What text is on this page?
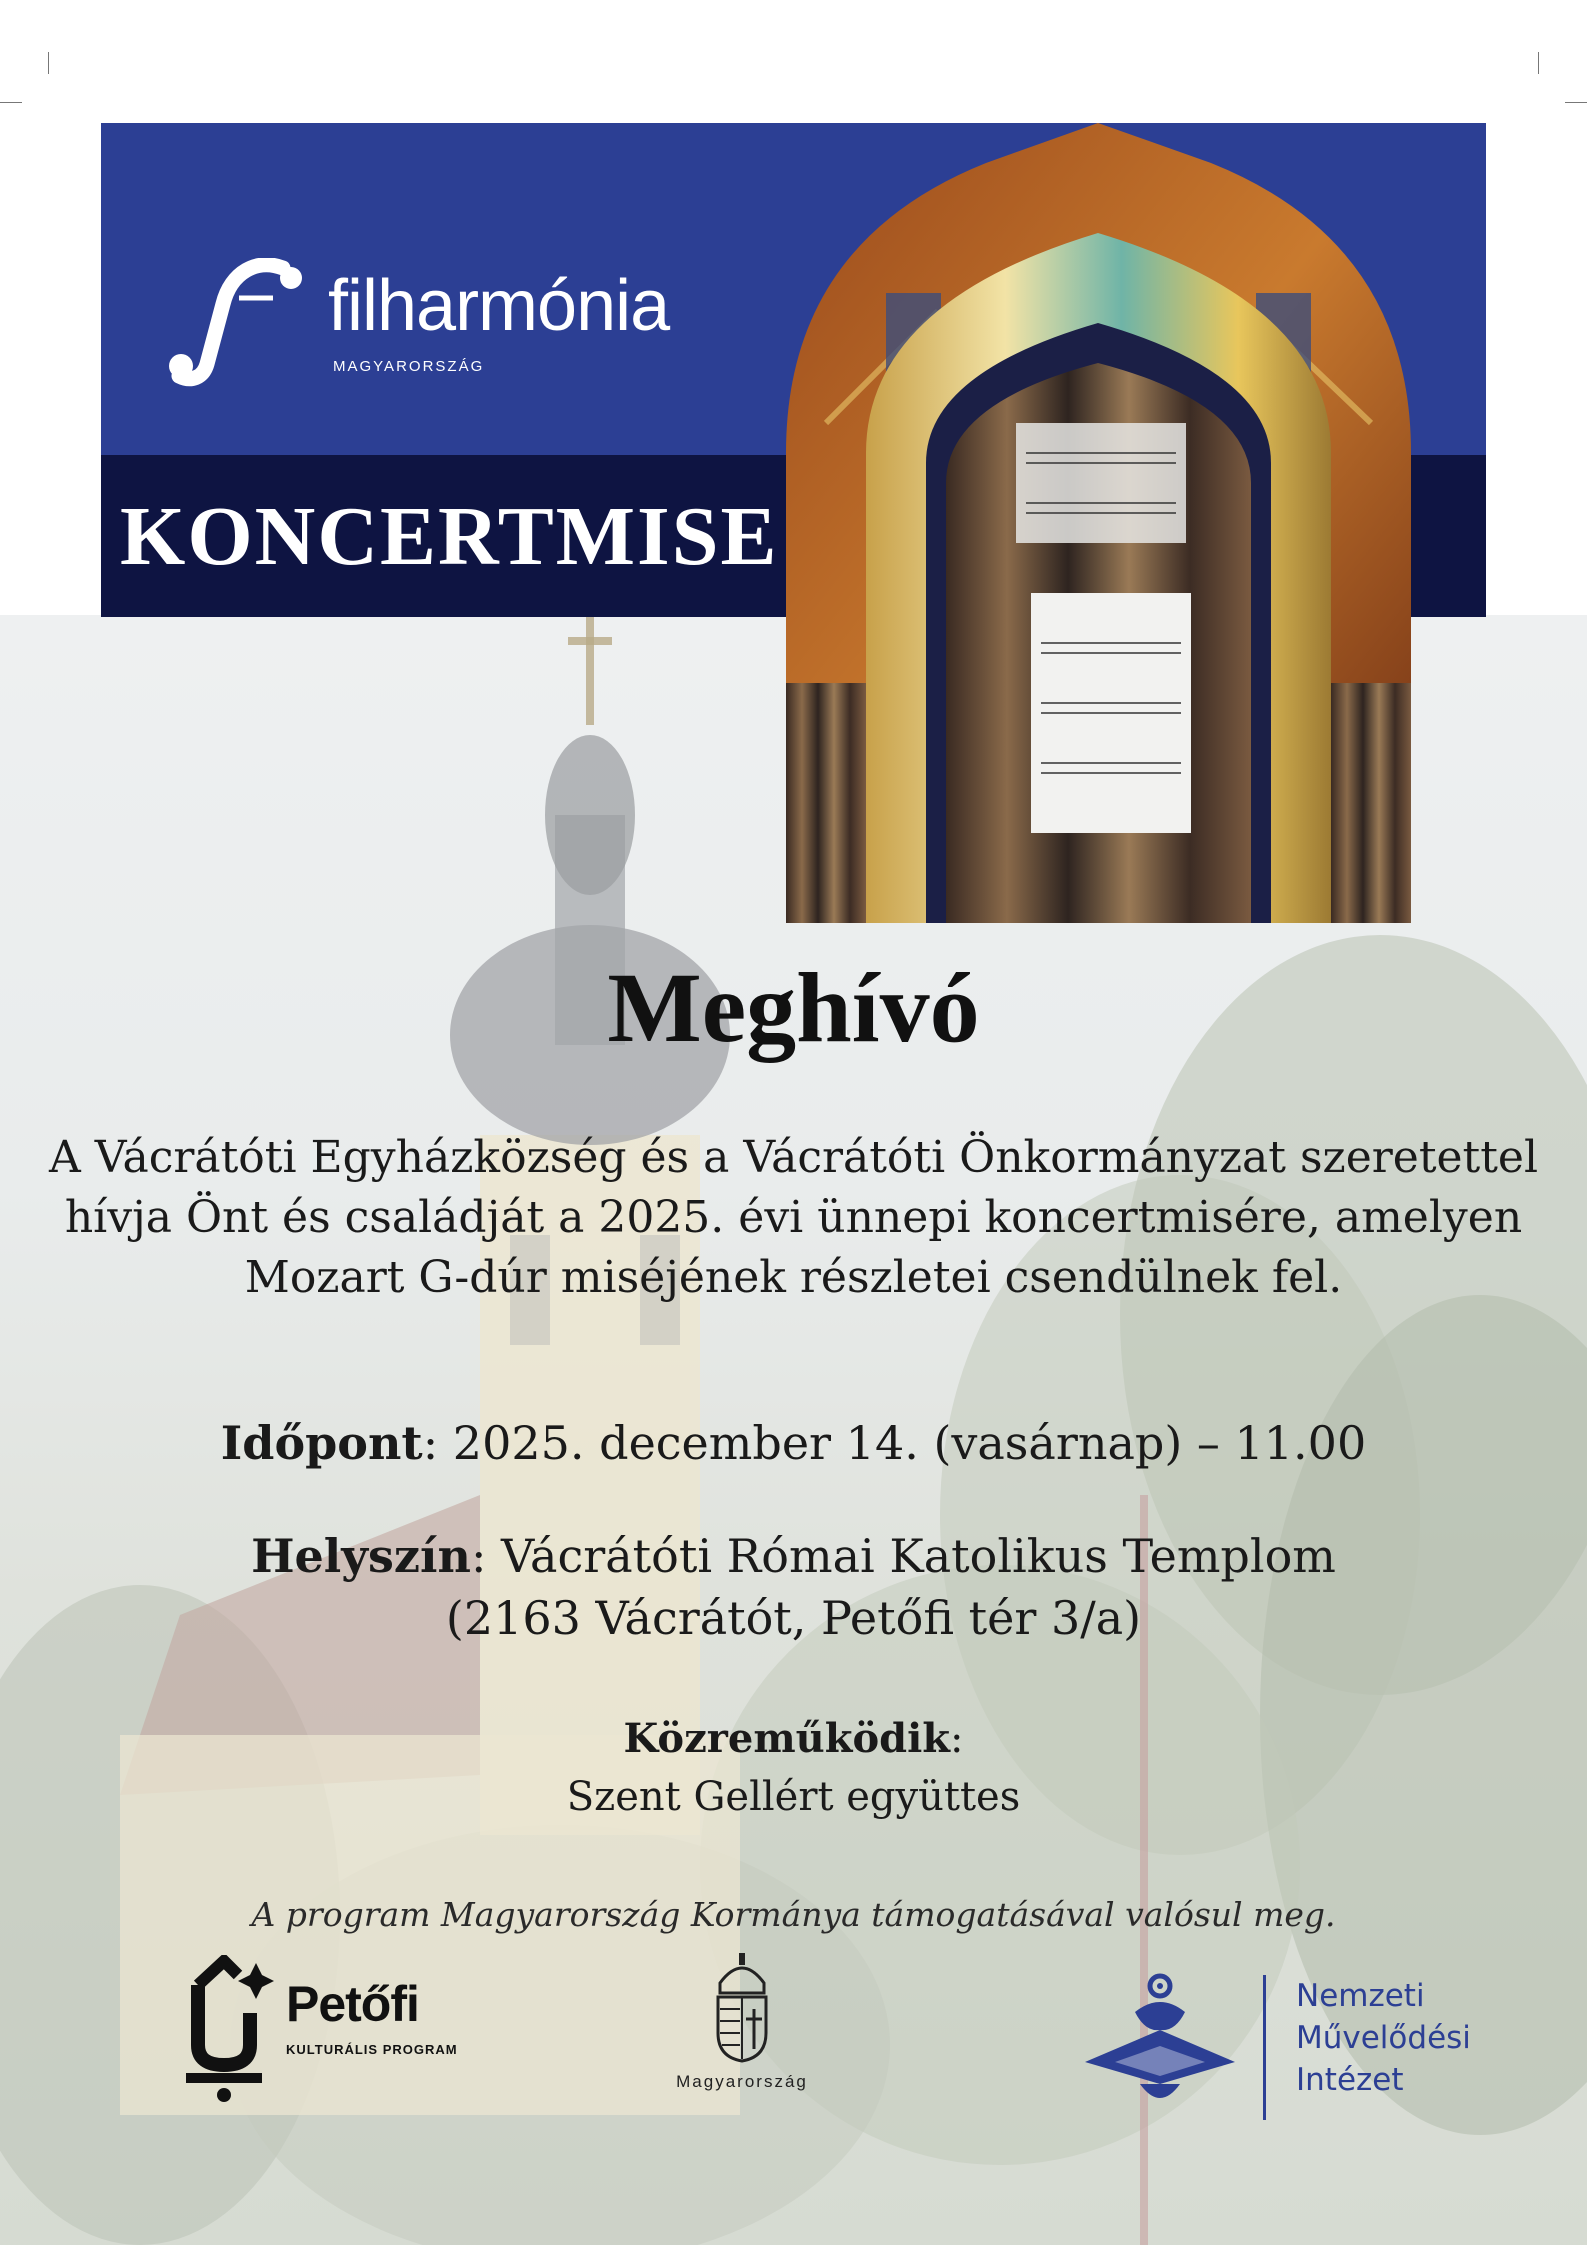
filharmónia
MAGYARORSZÁG
KONCERTMISE
Meghívó
A Vácrátóti Egyházközség és a Vácrátóti Önkormányzat szeretettel
hívja Önt és családját a 2025. évi ünnepi koncertmisére, amelyen
Mozart G-dúr miséjének részletei csendülnek fel.
Időpont: 2025. december 14. (vasárnap) – 11.00
Helyszín: Vácrátóti Római Katolikus Templom
(2163 Vácrátót, Petőfi tér 3/a)
Közreműködik:
Szent Gellért együttes
A program Magyarország Kormánya támogatásával valósul meg.
Petőfi
KULTURÁLIS PROGRAM
Magyarország
Nemzeti
Művelődési
Intézet
